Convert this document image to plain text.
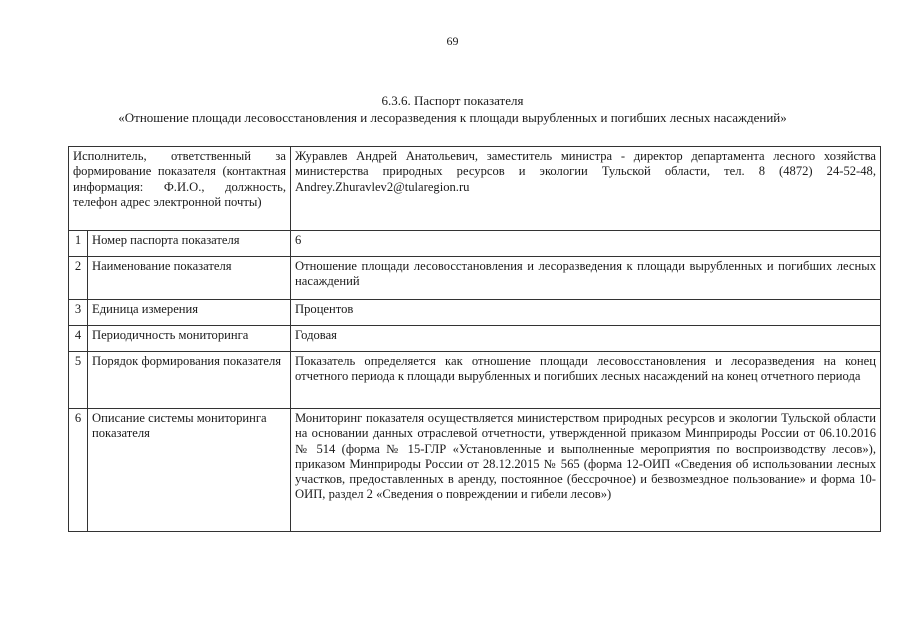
69
6.3.6. Паспорт показателя
«Отношение площади лесовосстановления и лесоразведения к площади вырубленных и погибших лесных насаждений»
Исполнитель, ответственный за формирование показателя (контактная информация: Ф.И.О., должность, телефон адрес электронной почты)		Журавлев Андрей Анатольевич, заместитель министра - директор департамента лесного хозяйства министерства природных ресурсов и экологии Тульской области, тел. 8 (4872) 24-52-48, Andrey.Zhuravlev2@tularegion.ru
1	Номер паспорта показателя	6
2	Наименование показателя	Отношение площади лесовосстановления и лесоразведения к площади вырубленных и погибших лесных насаждений
3	Единица измерения	Процентов
4	Периодичность мониторинга	Годовая
5	Порядок формирования показателя	Показатель определяется как отношение площади лесовосстановления и лесоразведения на конец отчетного периода к площади вырубленных и погибших лесных насаждений на конец отчетного периода
6	Описание системы мониторинга показателя	Мониторинг показателя осуществляется министерством природных ресурсов и экологии Тульской области на основании данных отраслевой отчетности, утвержденной приказом Минприроды России от 06.10.2016 № 514 (форма № 15-ГЛР «Установленные и выполненные мероприятия по воспроизводству лесов»), приказом Минприроды России от 28.12.2015 № 565 (форма 12-ОИП «Сведения об использовании лесных участков, предоставленных в аренду, постоянное (бессрочное) и безвозмездное пользование» и форма 10-ОИП, раздел 2 «Сведения о повреждении и гибели лесов»)
